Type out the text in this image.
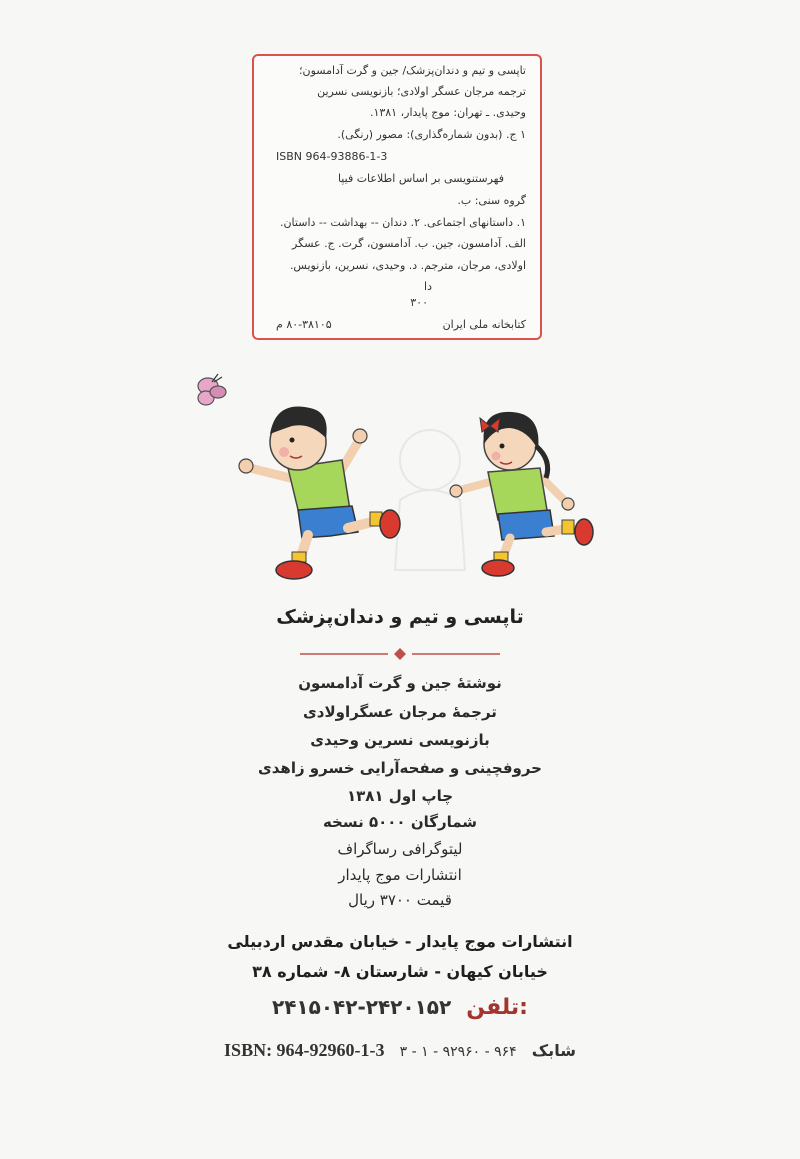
تاپسی و تیم و دندان‌پزشک/ جین و گرت آدامسون؛
ترجمه مرجان عسگر اولادی؛ بازنویسی نسرین
وحیدی. ـ تهران: موج پایدار، ۱۳۸۱.
۱ ج. (بدون شماره‌گذاری): مصور (رنگی).
ISBN 964-93886-1-3
فهرستنویسی بر اساس اطلاعات فیپا
گروه سنی: ب.
۱. داستانهای اجتماعی. ۲. دندان -- بهداشت -- داستان.
الف. آدامسون، جین. ب. آدامسون، گرت. ج. عسگر
اولادی، مرجان، مترجم. د. وحیدی، نسرین، بازنویس.
دا
۳۰۰
کتابخانه ملی ایران
۸۰-۳۸۱۰۵ م
تاپسی و تیم و دندان‌پزشک
نوشتهٔ جین و گرت آدامسون
ترجمهٔ مرجان عسگراولادی
بازنویسی نسرین وحیدی
حروفچینی و صفحه‌آرایی خسرو زاهدی
چاپ اول ۱۳۸۱
شمارگان ۵۰۰۰ نسخه
لیتوگرافی رساگراف
انتشارات موج پایدار
قیمت ۳۷۰۰ ریال
انتشارات موج پایدار - خیابان مقدس اردبیلی
خیابان کیهان - شارستان ۸- شماره ۳۸
۲۴۱۵۰۴۲-۲۴۲۰۱۵۲ تلفن:
ISBN: 964-92960-1-3 ۳ - ۱ - ۹۲۹۶۰ - ۹۶۴ شابک
